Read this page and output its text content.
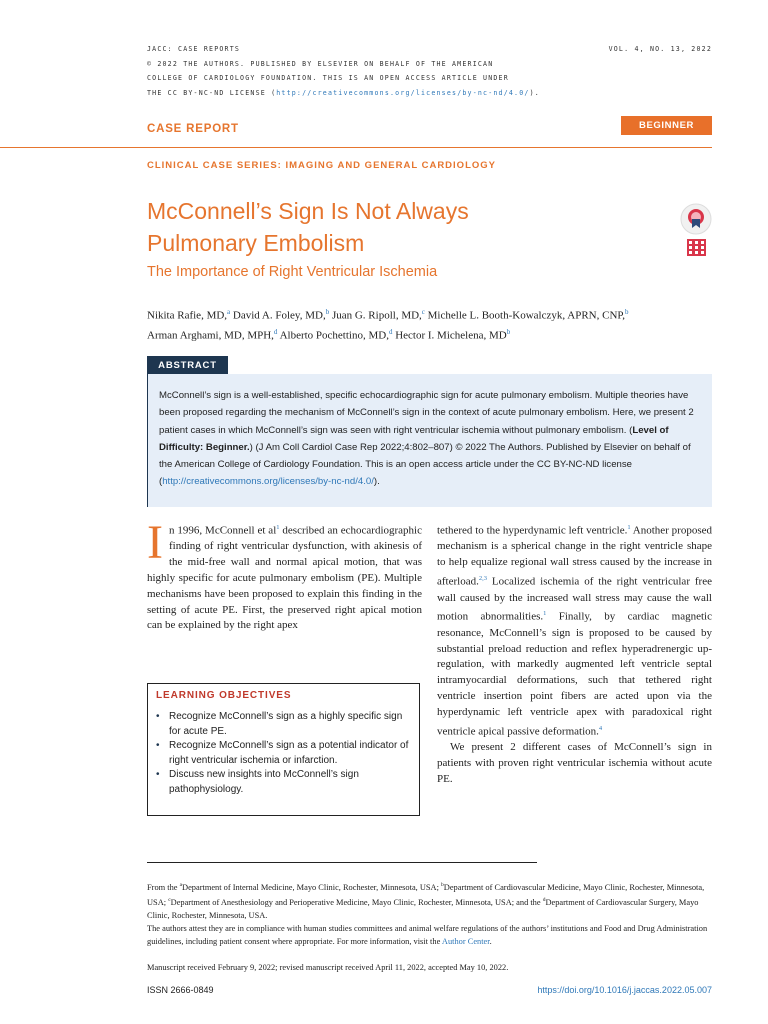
JACC: CASE REPORTS
© 2022 THE AUTHORS. PUBLISHED BY ELSEVIER ON BEHALF OF THE AMERICAN
COLLEGE OF CARDIOLOGY FOUNDATION. THIS IS AN OPEN ACCESS ARTICLE UNDER
THE CC BY-NC-ND LICENSE (http://creativecommons.org/licenses/by-nc-nd/4.0/).
VOL. 4, NO. 13, 2022
CASE REPORT	BEGINNER
CLINICAL CASE SERIES: IMAGING AND GENERAL CARDIOLOGY
McConnell’s Sign Is Not Always
Pulmonary Embolism
The Importance of Right Ventricular Ischemia
Nikita Rafie, MD,$^a$ David A. Foley, MD,$^b$ Juan G. Ripoll, MD,$^c$ Michelle L. Booth-Kowalczyk, APRN, CNP,$^b$
Arman Arghami, MD, MPH,$^d$ Alberto Pochettino, MD,$^d$ Hector I. Michelena, $MD^b$
ABSTRACT
McConnell’s sign is a well-established, specific echocardiographic sign for acute pulmonary embolism. Multiple theories have been proposed regarding the mechanism of McConnell’s sign in the context of acute pulmonary embolism. Here, we present 2 patient cases in which McConnell’s sign was seen with right ventricular ischemia without pulmonary embolism. (Level of Difficulty: Beginner.) (J Am Coll Cardiol Case Rep 2022;4:802–807) © 2022 The Authors. Published by Elsevier on behalf of the American College of Cardiology Foundation. This is an open access article under the CC BY-NC-ND license (http://creativecommons.org/licenses/by-nc-nd/4.0/).
I n 1996, McConnell et $al^1$ described an echocardiographic finding of right ventricular dysfunction, with akinesis of the mid-free wall and normal apical motion, that was highly specific for acute pulmonary embolism (PE). Multiple mechanisms have been proposed to explain this finding in the setting of acute PE. First, the preserved right apical motion can be explained by the right apex
LEARNING OBJECTIVES
• Recognize McConnell’s sign as a highly specific sign for acute PE.
• Recognize McConnell’s sign as a potential indicator of right ventricular ischemia or infarction.
• Discuss new insights into McConnell’s sign pathophysiology.
tethered to the hyperdynamic left ventricle.$^1$ Another proposed mechanism is a spherical change in the right ventricle shape to help equalize regional wall stress caused by the increase in afterload.$^{2,3}$ Localized ischemia of the right ventricular free wall caused by the increased wall stress may cause the wall motion abnormalities.$^1$ Finally, by cardiac magnetic resonance, McConnell’s sign is proposed to be caused by substantial preload reduction and reflex hyperadrenergic up-regulation, with markedly augmented left ventricle septal intramyocardial deformations, such that tethered right ventricle insertion point fibers are acted upon via the hyperdynamic left ventricle apex with paradoxical right ventricle apical passive deformation.$^4$
We present 2 different cases of McConnell’s sign in patients with proven right ventricular ischemia without acute PE.

From the $^a$Department of Internal Medicine, Mayo Clinic, Rochester, Minnesota, USA; $^b$Department of Cardiovascular Medicine, Mayo Clinic, Rochester, Minnesota, USA; $^c$Department of Anesthesiology and Perioperative Medicine, Mayo Clinic, Rochester, Minnesota, USA; and the $^d$Department of Cardiovascular Surgery, Mayo Clinic, Rochester, Minnesota, USA.

The authors attest they are in compliance with human studies committees and animal welfare regulations of the authors’ institutions and Food and Drug Administration guidelines, including patient consent where appropriate. For more information, visit the Author Center.

Manuscript received February 9, 2022; revised manuscript received April 11, 2022, accepted May 10, 2022.
ISSN 2666-0849	https://doi.org/10.1016/j.jaccas.2022.05.007
